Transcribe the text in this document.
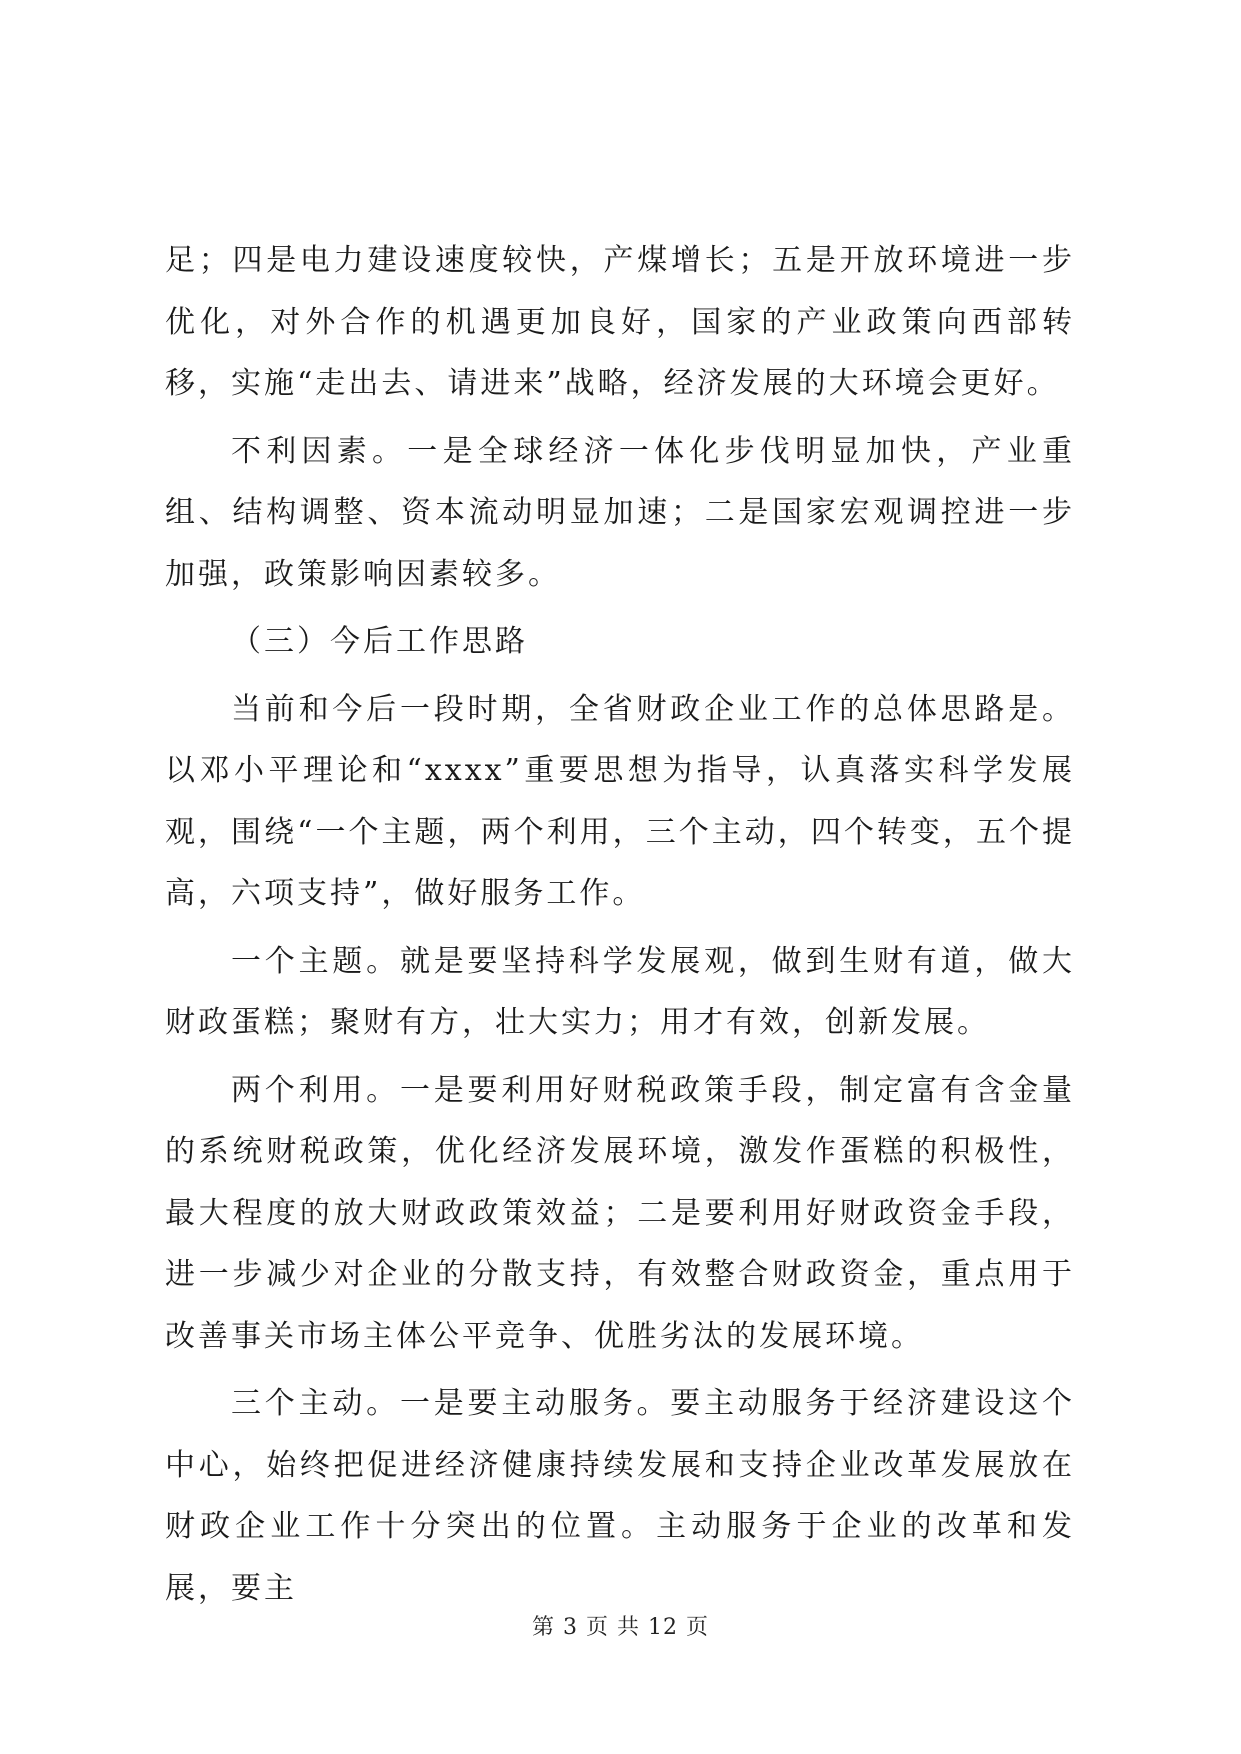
足；四是电力建设速度较快，产煤增长；五是开放环境进一步优化，对外合作的机遇更加良好，国家的产业政策向西部转移，实施“走出去、请进来”战略，经济发展的大环境会更好。

不利因素。一是全球经济一体化步伐明显加快，产业重组、结构调整、资本流动明显加速；二是国家宏观调控进一步加强，政策影响因素较多。

（三）今后工作思路

当前和今后一段时期，全省财政企业工作的总体思路是。以邓小平理论和“xxxx”重要思想为指导，认真落实科学发展观，围绕“一个主题，两个利用，三个主动，四个转变，五个提高，六项支持”，做好服务工作。

一个主题。就是要坚持科学发展观，做到生财有道，做大财政蛋糕；聚财有方，壮大实力；用才有效，创新发展。

两个利用。一是要利用好财税政策手段，制定富有含金量的系统财税政策，优化经济发展环境，激发作蛋糕的积极性，最大程度的放大财政政策效益；二是要利用好财政资金手段，进一步减少对企业的分散支持，有效整合财政资金，重点用于改善事关市场主体公平竞争、优胜劣汰的发展环境。

三个主动。一是要主动服务。要主动服务于经济建设这个中心，始终把促进经济健康持续发展和支持企业改革发展放在财政企业工作十分突出的位置。主动服务于企业的改革和发展，要主

第 3 页 共 12 页
